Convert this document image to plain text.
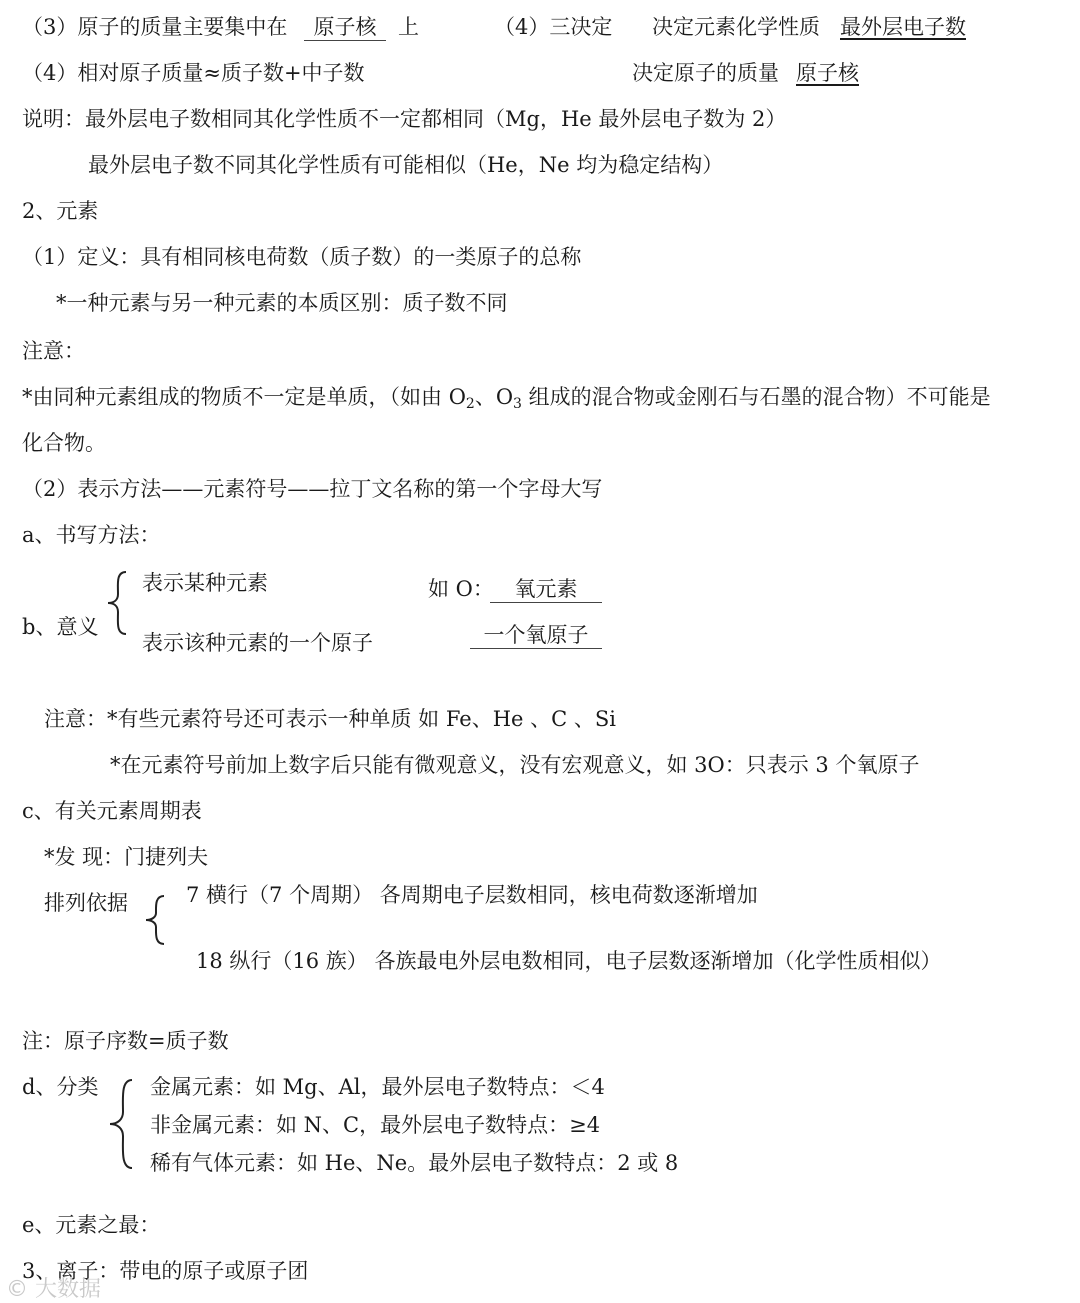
（3）原子的质量主要集中在	原子核	上	（4）三决定 决定元素化学性质 最外层电子数
（4）相对原子质量≈质子数+中子数	决定原子的质量 原子核
说明：最外层电子数相同其化学性质不一定都相同（Mg，He 最外层电子数为 2）
最外层电子数不同其化学性质有可能相似（He，Ne 均为稳定结构）
2、元素
（1）定义：具有相同核电荷数（质子数）的一类原子的总称
*一种元素与另一种元素的本质区别：质子数不同
注意：
*由同种元素组成的物质不一定是单质，（如由 $O_2$、$O_3$ 组成的混合物或金刚石与石墨的混合物）不可能是
化合物。
（2）表示方法——元素符号——拉丁文名称的第一个字母大写
a、书写方法：
b、意义
表示某种元素
表示该种元素的一个原子
如 O： 氧元素
一个氧原子
注意：*有些元素符号还可表示一种单质 如 Fe、He 、C 、Si
*在元素符号前加上数字后只能有微观意义，没有宏观意义，如 3O：只表示 3 个氧原子
c、有关元素周期表
*发 现：门捷列夫
排列依据	7 横行（7 个周期） 各周期电子层数相同，核电荷数逐渐增加
18 纵行（16 族） 各族最电外层电数相同，电子层数逐渐增加（化学性质相似）
注：原子序数=质子数
d、分类 金属元素：如 Mg、Al，最外层电子数特点：＜4
非金属元素：如 N、C，最外层电子数特点：≥4
稀有气体元素：如 He、Ne。最外层电子数特点：2 或 8
e、元素之最：
3、离子：带电的原子或原子团
© 大数据
